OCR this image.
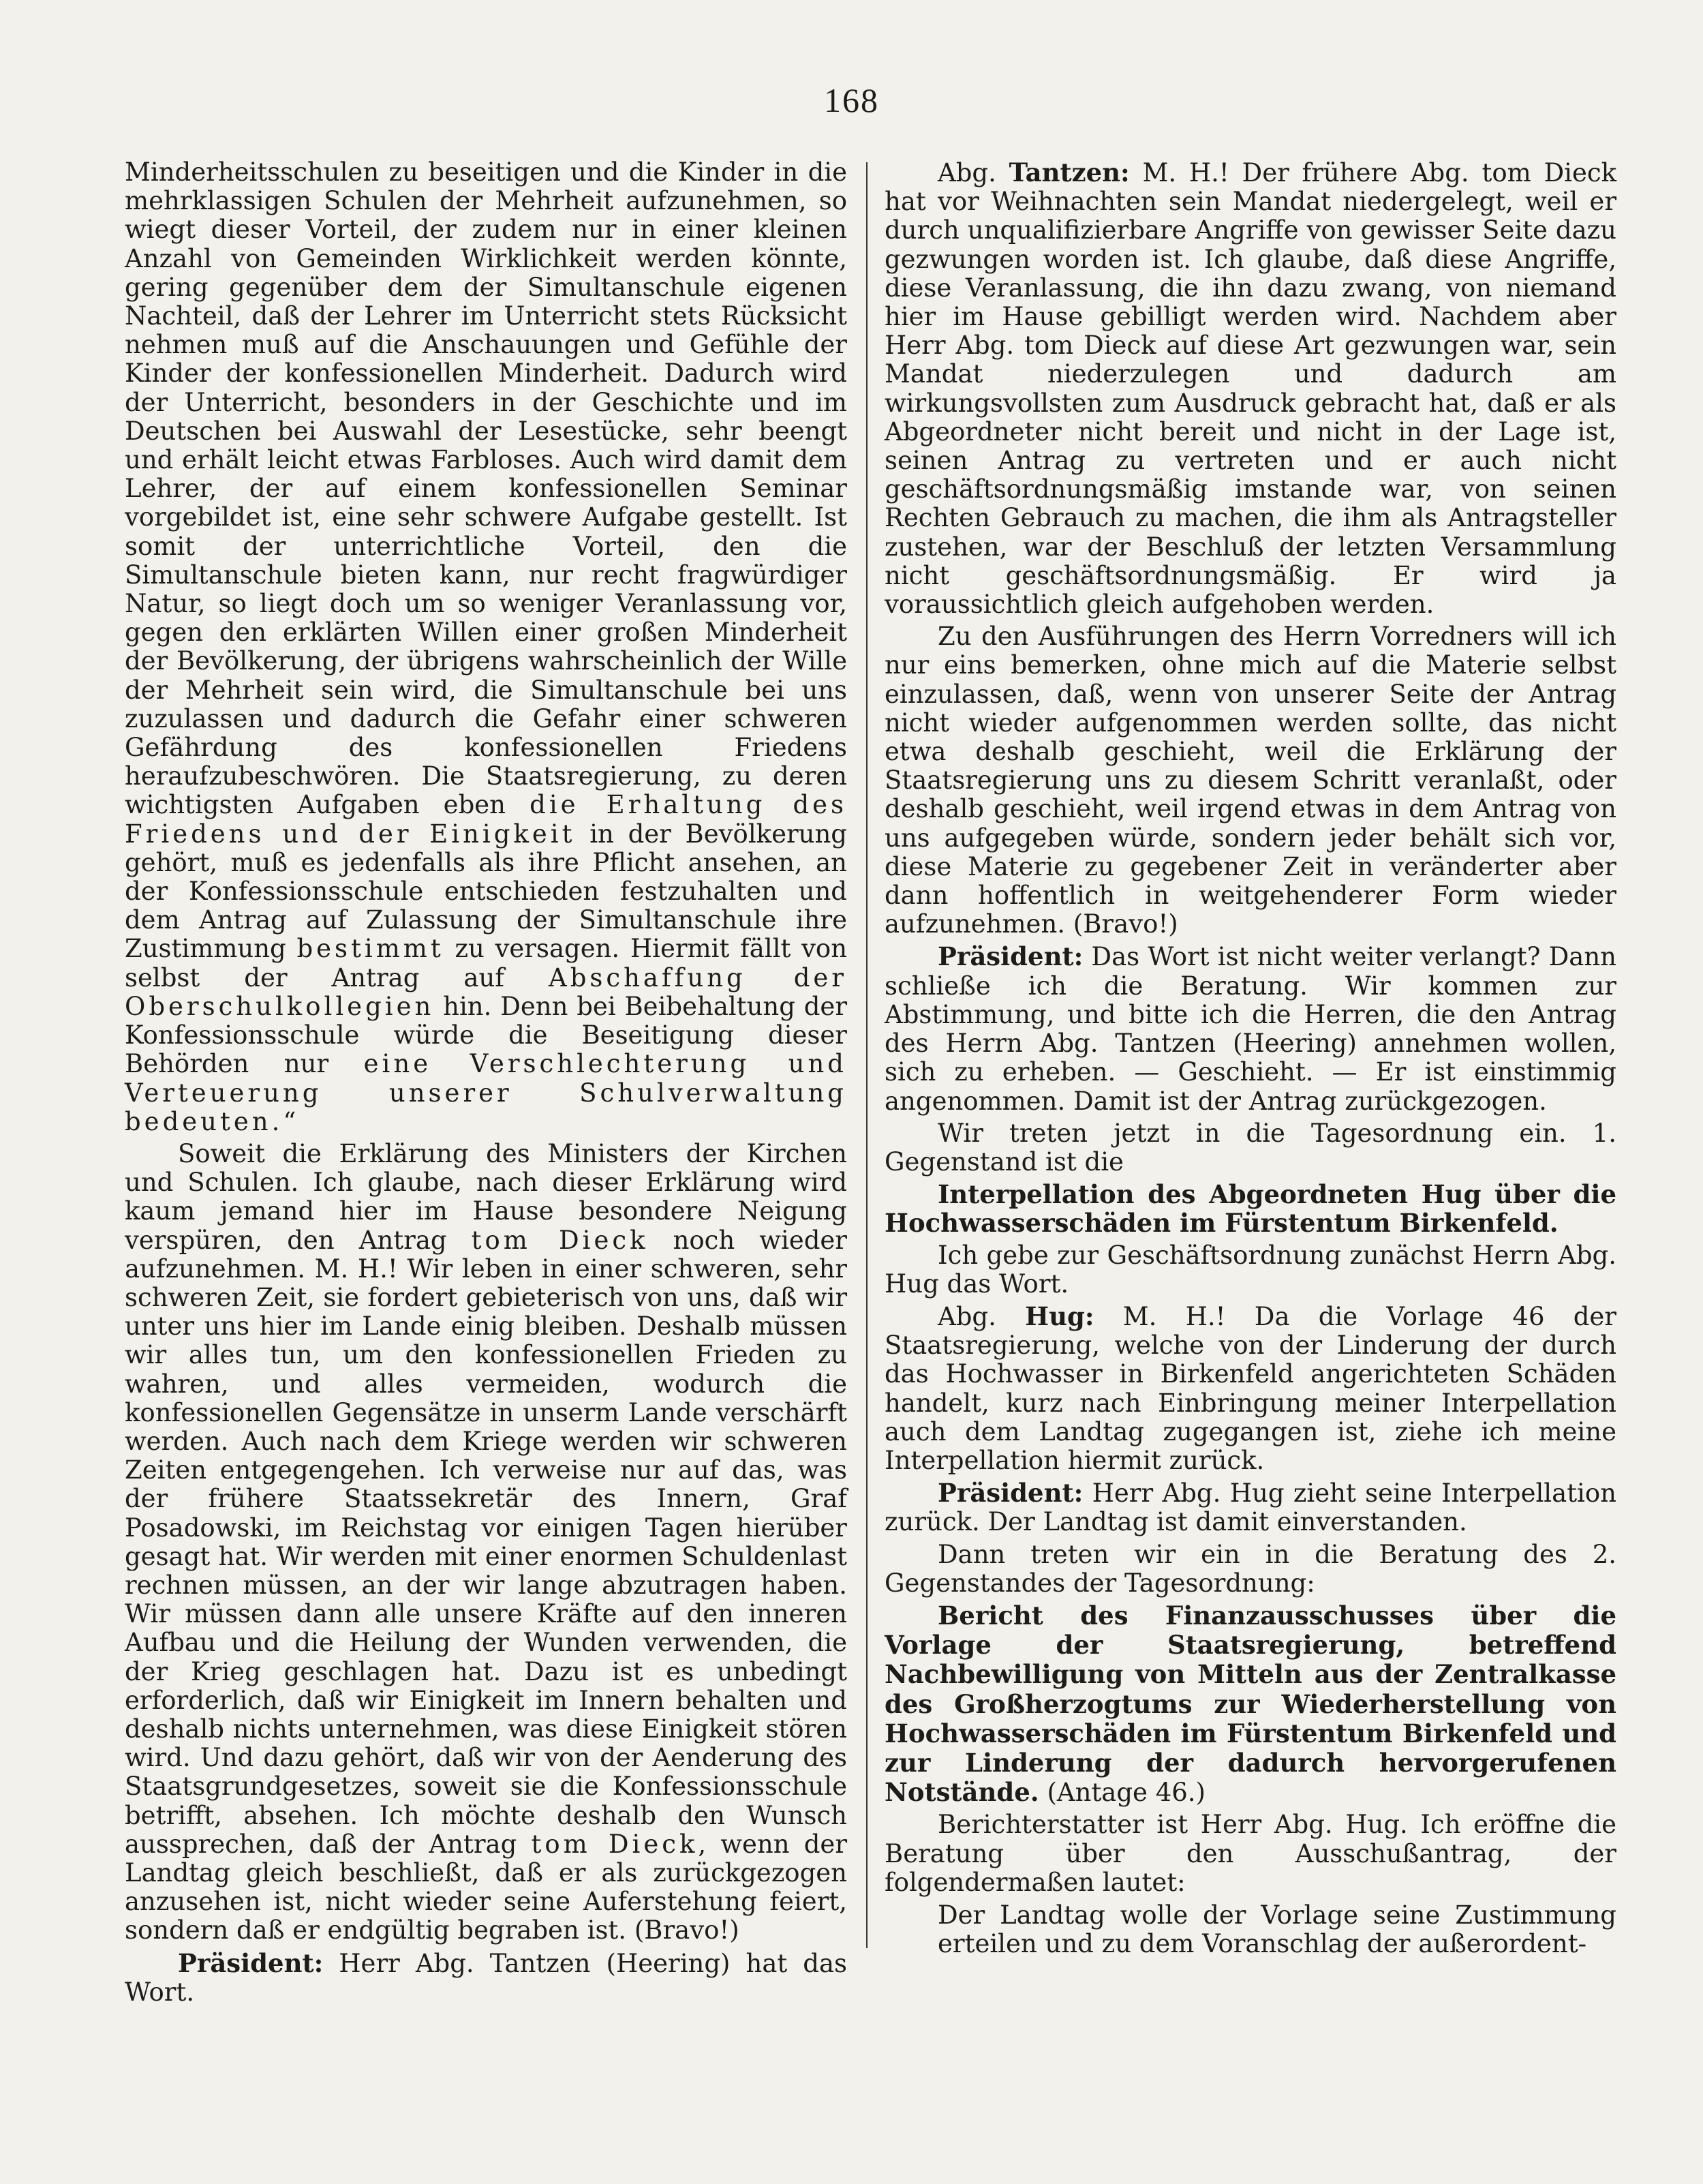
168

Minderheitsschulen zu beseitigen und die Kinder in die mehrklassigen Schulen der Mehrheit aufzunehmen, so wiegt dieser Vorteil, der zudem nur in einer kleinen Anzahl von Gemeinden Wirklichkeit werden könnte, gering gegenüber dem der Simultanschule eigenen Nachteil, daß der Lehrer im Unterricht stets Rücksicht nehmen muß auf die Anschauungen und Gefühle der Kinder der konfessionellen Minderheit. Dadurch wird der Unterricht, besonders in der Geschichte und im Deutschen bei Auswahl der Lesestücke, sehr beengt und erhält leicht etwas Farbloses. Auch wird damit dem Lehrer, der auf einem konfessionellen Seminar vorgebildet ist, eine sehr schwere Aufgabe gestellt. Ist somit der unterrichtliche Vorteil, den die Simultanschule bieten kann, nur recht fragwürdiger Natur, so liegt doch um so weniger Veranlassung vor, gegen den erklärten Willen einer großen Minderheit der Bevölkerung, der übrigens wahrscheinlich der Wille der Mehrheit sein wird, die Simultanschule bei uns zuzulassen und dadurch die Gefahr einer schweren Gefährdung des konfessionellen Friedens heraufzubeschwören. Die Staatsregierung, zu deren wichtigsten Aufgaben eben die Erhaltung des Friedens und der Einigkeit in der Bevölkerung gehört, muß es jedenfalls als ihre Pflicht ansehen, an der Konfessionsschule entschieden festzuhalten und dem Antrag auf Zulassung der Simultanschule ihre Zustimmung bestimmt zu versagen. Hiermit fällt von selbst der Antrag auf Abschaffung der Oberschulkollegien hin. Denn bei Beibehaltung der Konfessionsschule würde die Beseitigung dieser Behörden nur eine Verschlechterung und Verteuerung unserer Schulverwaltung bedeuten.“

Soweit die Erklärung des Ministers der Kirchen und Schulen. Ich glaube, nach dieser Erklärung wird kaum jemand hier im Hause besondere Neigung verspüren, den Antrag tom Dieck noch wieder aufzunehmen. M. H.! Wir leben in einer schweren, sehr schweren Zeit, sie fordert gebieterisch von uns, daß wir unter uns hier im Lande einig bleiben. Deshalb müssen wir alles tun, um den konfessionellen Frieden zu wahren, und alles vermeiden, wodurch die konfessionellen Gegensätze in unserm Lande verschärft werden. Auch nach dem Kriege werden wir schweren Zeiten entgegengehen. Ich verweise nur auf das, was der frühere Staatssekretär des Innern, Graf Posadowski, im Reichstag vor einigen Tagen hierüber gesagt hat. Wir werden mit einer enormen Schuldenlast rechnen müssen, an der wir lange abzutragen haben. Wir müssen dann alle unsere Kräfte auf den inneren Aufbau und die Heilung der Wunden verwenden, die der Krieg geschlagen hat. Dazu ist es unbedingt erforderlich, daß wir Einigkeit im Innern behalten und deshalb nichts unternehmen, was diese Einigkeit stören wird. Und dazu gehört, daß wir von der Aenderung des Staatsgrundgesetzes, soweit sie die Konfessionsschule betrifft, absehen. Ich möchte deshalb den Wunsch aussprechen, daß der Antrag tom Dieck, wenn der Landtag gleich beschließt, daß er als zurückgezogen anzusehen ist, nicht wieder seine Auferstehung feiert, sondern daß er endgültig begraben ist. (Bravo!)

Präsident: Herr Abg. Tantzen (Heering) hat das Wort.

Abg. Tantzen: M. H.! Der frühere Abg. tom Dieck hat vor Weihnachten sein Mandat niedergelegt, weil er durch unqualifizierbare Angriffe von gewisser Seite dazu gezwungen worden ist. Ich glaube, daß diese Angriffe, diese Veranlassung, die ihn dazu zwang, von niemand hier im Hause gebilligt werden wird. Nachdem aber Herr Abg. tom Dieck auf diese Art gezwungen war, sein Mandat niederzulegen und dadurch am wirkungsvollsten zum Ausdruck gebracht hat, daß er als Abgeordneter nicht bereit und nicht in der Lage ist, seinen Antrag zu vertreten und er auch nicht geschäftsordnungsmäßig imstande war, von seinen Rechten Gebrauch zu machen, die ihm als Antragsteller zustehen, war der Beschluß der letzten Versammlung nicht geschäftsordnungsmäßig. Er wird ja voraussichtlich gleich aufgehoben werden.

Zu den Ausführungen des Herrn Vorredners will ich nur eins bemerken, ohne mich auf die Materie selbst einzulassen, daß, wenn von unserer Seite der Antrag nicht wieder aufgenommen werden sollte, das nicht etwa deshalb geschieht, weil die Erklärung der Staatsregierung uns zu diesem Schritt veranlaßt, oder deshalb geschieht, weil irgend etwas in dem Antrag von uns aufgegeben würde, sondern jeder behält sich vor, diese Materie zu gegebener Zeit in veränderter aber dann hoffentlich in weitgehenderer Form wieder aufzunehmen. (Bravo!)

Präsident: Das Wort ist nicht weiter verlangt? Dann schließe ich die Beratung. Wir kommen zur Abstimmung, und bitte ich die Herren, die den Antrag des Herrn Abg. Tantzen (Heering) annehmen wollen, sich zu erheben. — Geschieht. — Er ist einstimmig angenommen. Damit ist der Antrag zurückgezogen.

Wir treten jetzt in die Tagesordnung ein. 1. Gegenstand ist die

Interpellation des Abgeordneten Hug über die Hochwasserschäden im Fürstentum Birkenfeld.

Ich gebe zur Geschäftsordnung zunächst Herrn Abg. Hug das Wort.

Abg. Hug: M. H.! Da die Vorlage 46 der Staatsregierung, welche von der Linderung der durch das Hochwasser in Birkenfeld angerichteten Schäden handelt, kurz nach Einbringung meiner Interpellation auch dem Landtag zugegangen ist, ziehe ich meine Interpellation hiermit zurück.

Präsident: Herr Abg. Hug zieht seine Interpellation zurück. Der Landtag ist damit einverstanden.

Dann treten wir ein in die Beratung des 2. Gegenstandes der Tagesordnung:

Bericht des Finanzausschusses über die Vorlage der Staatsregierung, betreffend Nachbewilligung von Mitteln aus der Zentralkasse des Großherzogtums zur Wiederherstellung von Hochwasserschäden im Fürstentum Birkenfeld und zur Linderung der dadurch hervorgerufenen Notstände. (Antage 46.)

Berichterstatter ist Herr Abg. Hug. Ich eröffne die Beratung über den Ausschußantrag, der folgendermaßen lautet:

Der Landtag wolle der Vorlage seine Zustimmung erteilen und zu dem Voranschlag der außerordent-
